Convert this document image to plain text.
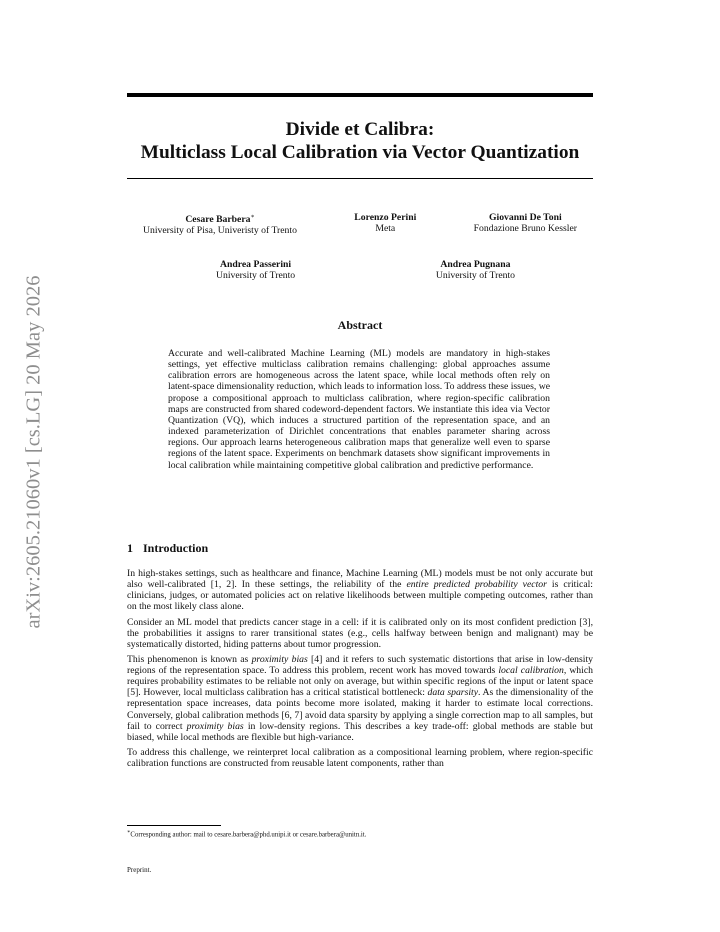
arXiv:2605.21060v1 [cs.LG] 20 May 2026
Divide et Calibra:
Multiclass Local Calibration via Vector Quantization
Cesare Barbera∗
University of Pisa, Univeristy of Trento
Lorenzo Perini
Meta
Giovanni De Toni
Fondazione Bruno Kessler
Andrea Passerini
University of Trento
Andrea Pugnana
University of Trento
Abstract
Accurate and well-calibrated Machine Learning (ML) models are mandatory in high-stakes settings, yet effective multiclass calibration remains challenging: global approaches assume calibration errors are homogeneous across the latent space, while local methods often rely on latent-space dimensionality reduction, which leads to information loss. To address these issues, we propose a compositional approach to multiclass calibration, where region-specific calibration maps are constructed from shared codeword-dependent factors. We instantiate this idea via Vector Quantization (VQ), which induces a structured partition of the representation space, and an indexed parameterization of Dirichlet concentrations that enables parameter sharing across regions. Our approach learns heterogeneous calibration maps that generalize well even to sparse regions of the latent space. Experiments on benchmark datasets show significant improvements in local calibration while maintaining competitive global calibration and predictive performance.
1 Introduction

In high-stakes settings, such as healthcare and finance, Machine Learning (ML) models must be not only accurate but also well-calibrated [1, 2]. In these settings, the reliability of the entire predicted probability vector is critical: clinicians, judges, or automated policies act on relative likelihoods between multiple competing outcomes, rather than on the most likely class alone.

Consider an ML model that predicts cancer stage in a cell: if it is calibrated only on its most confident prediction [3], the probabilities it assigns to rarer transitional states (e.g., cells halfway between benign and malignant) may be systematically distorted, hiding patterns about tumor progression.

This phenomenon is known as proximity bias [4] and it refers to such systematic distortions that arise in low-density regions of the representation space. To address this problem, recent work has moved towards local calibration, which requires probability estimates to be reliable not only on average, but within specific regions of the input or latent space [5]. However, local multiclass calibration has a critical statistical bottleneck: data sparsity. As the dimensionality of the representation space increases, data points become more isolated, making it harder to estimate local corrections. Conversely, global calibration methods [6, 7] avoid data sparsity by applying a single correction map to all samples, but fail to correct proximity bias in low-density regions. This describes a key trade-off: global methods are stable but biased, while local methods are flexible but high-variance.

To address this challenge, we reinterpret local calibration as a compositional learning problem, where region-specific calibration functions are constructed from reusable latent components, rather than

∗Corresponding author: mail to cesare.barbera@phd.unipi.it or cesare.barbera@unitn.it.
Preprint.
